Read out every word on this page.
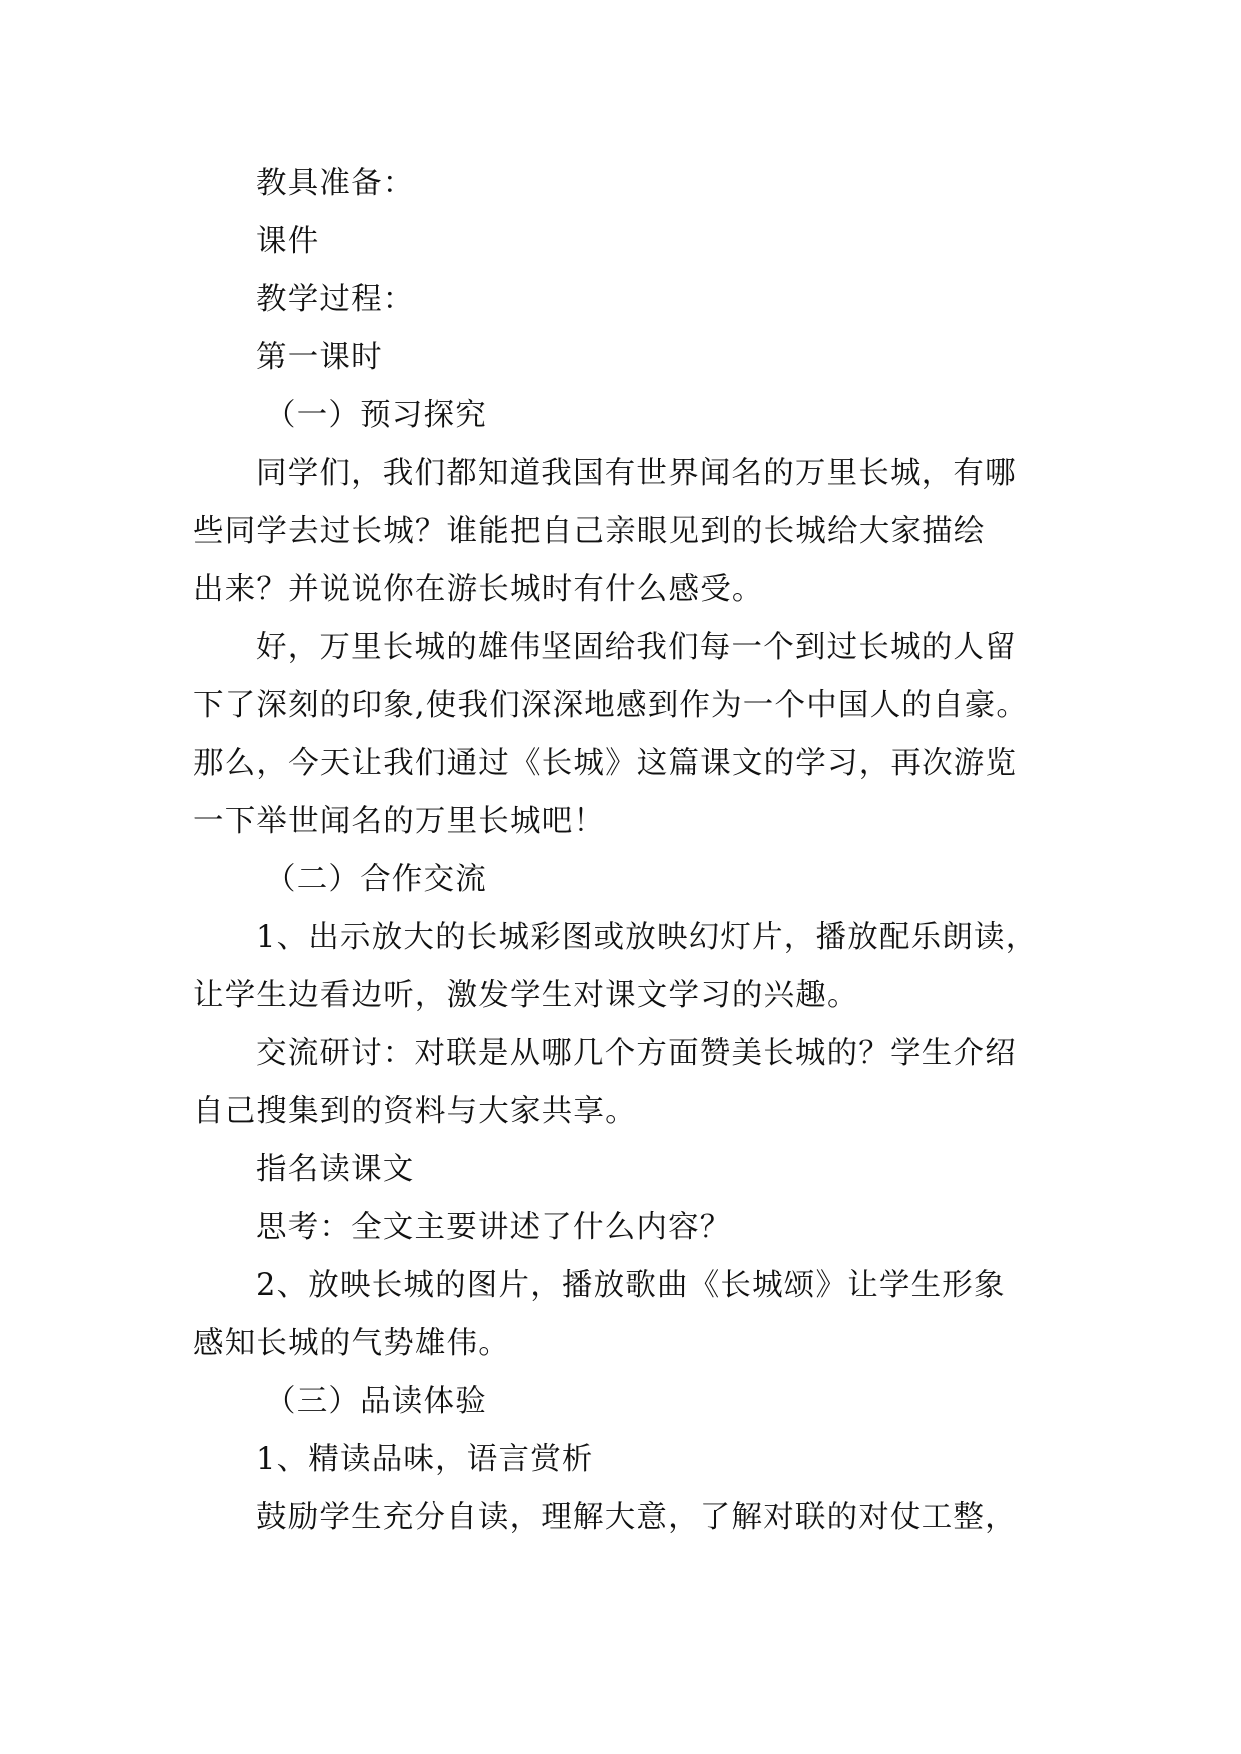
教具准备：
课件
教学过程：
第一课时
（一）预习探究
同学们，我们都知道我国有世界闻名的万里长城，有哪
些同学去过长城？谁能把自己亲眼见到的长城给大家描绘
出来？并说说你在游长城时有什么感受。
好，万里长城的雄伟坚固给我们每一个到过长城的人留
下了深刻的印象,使我们深深地感到作为一个中国人的自豪。
那么，今天让我们通过《长城》这篇课文的学习，再次游览
一下举世闻名的万里长城吧！
（二）合作交流
1、出示放大的长城彩图或放映幻灯片，播放配乐朗读，
让学生边看边听，激发学生对课文学习的兴趣。
交流研讨：对联是从哪几个方面赞美长城的？学生介绍
自己搜集到的资料与大家共享。
指名读课文
思考：全文主要讲述了什么内容？
2、放映长城的图片，播放歌曲《长城颂》让学生形象
感知长城的气势雄伟。
（三）品读体验
1、精读品味，语言赏析
鼓励学生充分自读，理解大意，了解对联的对仗工整，
